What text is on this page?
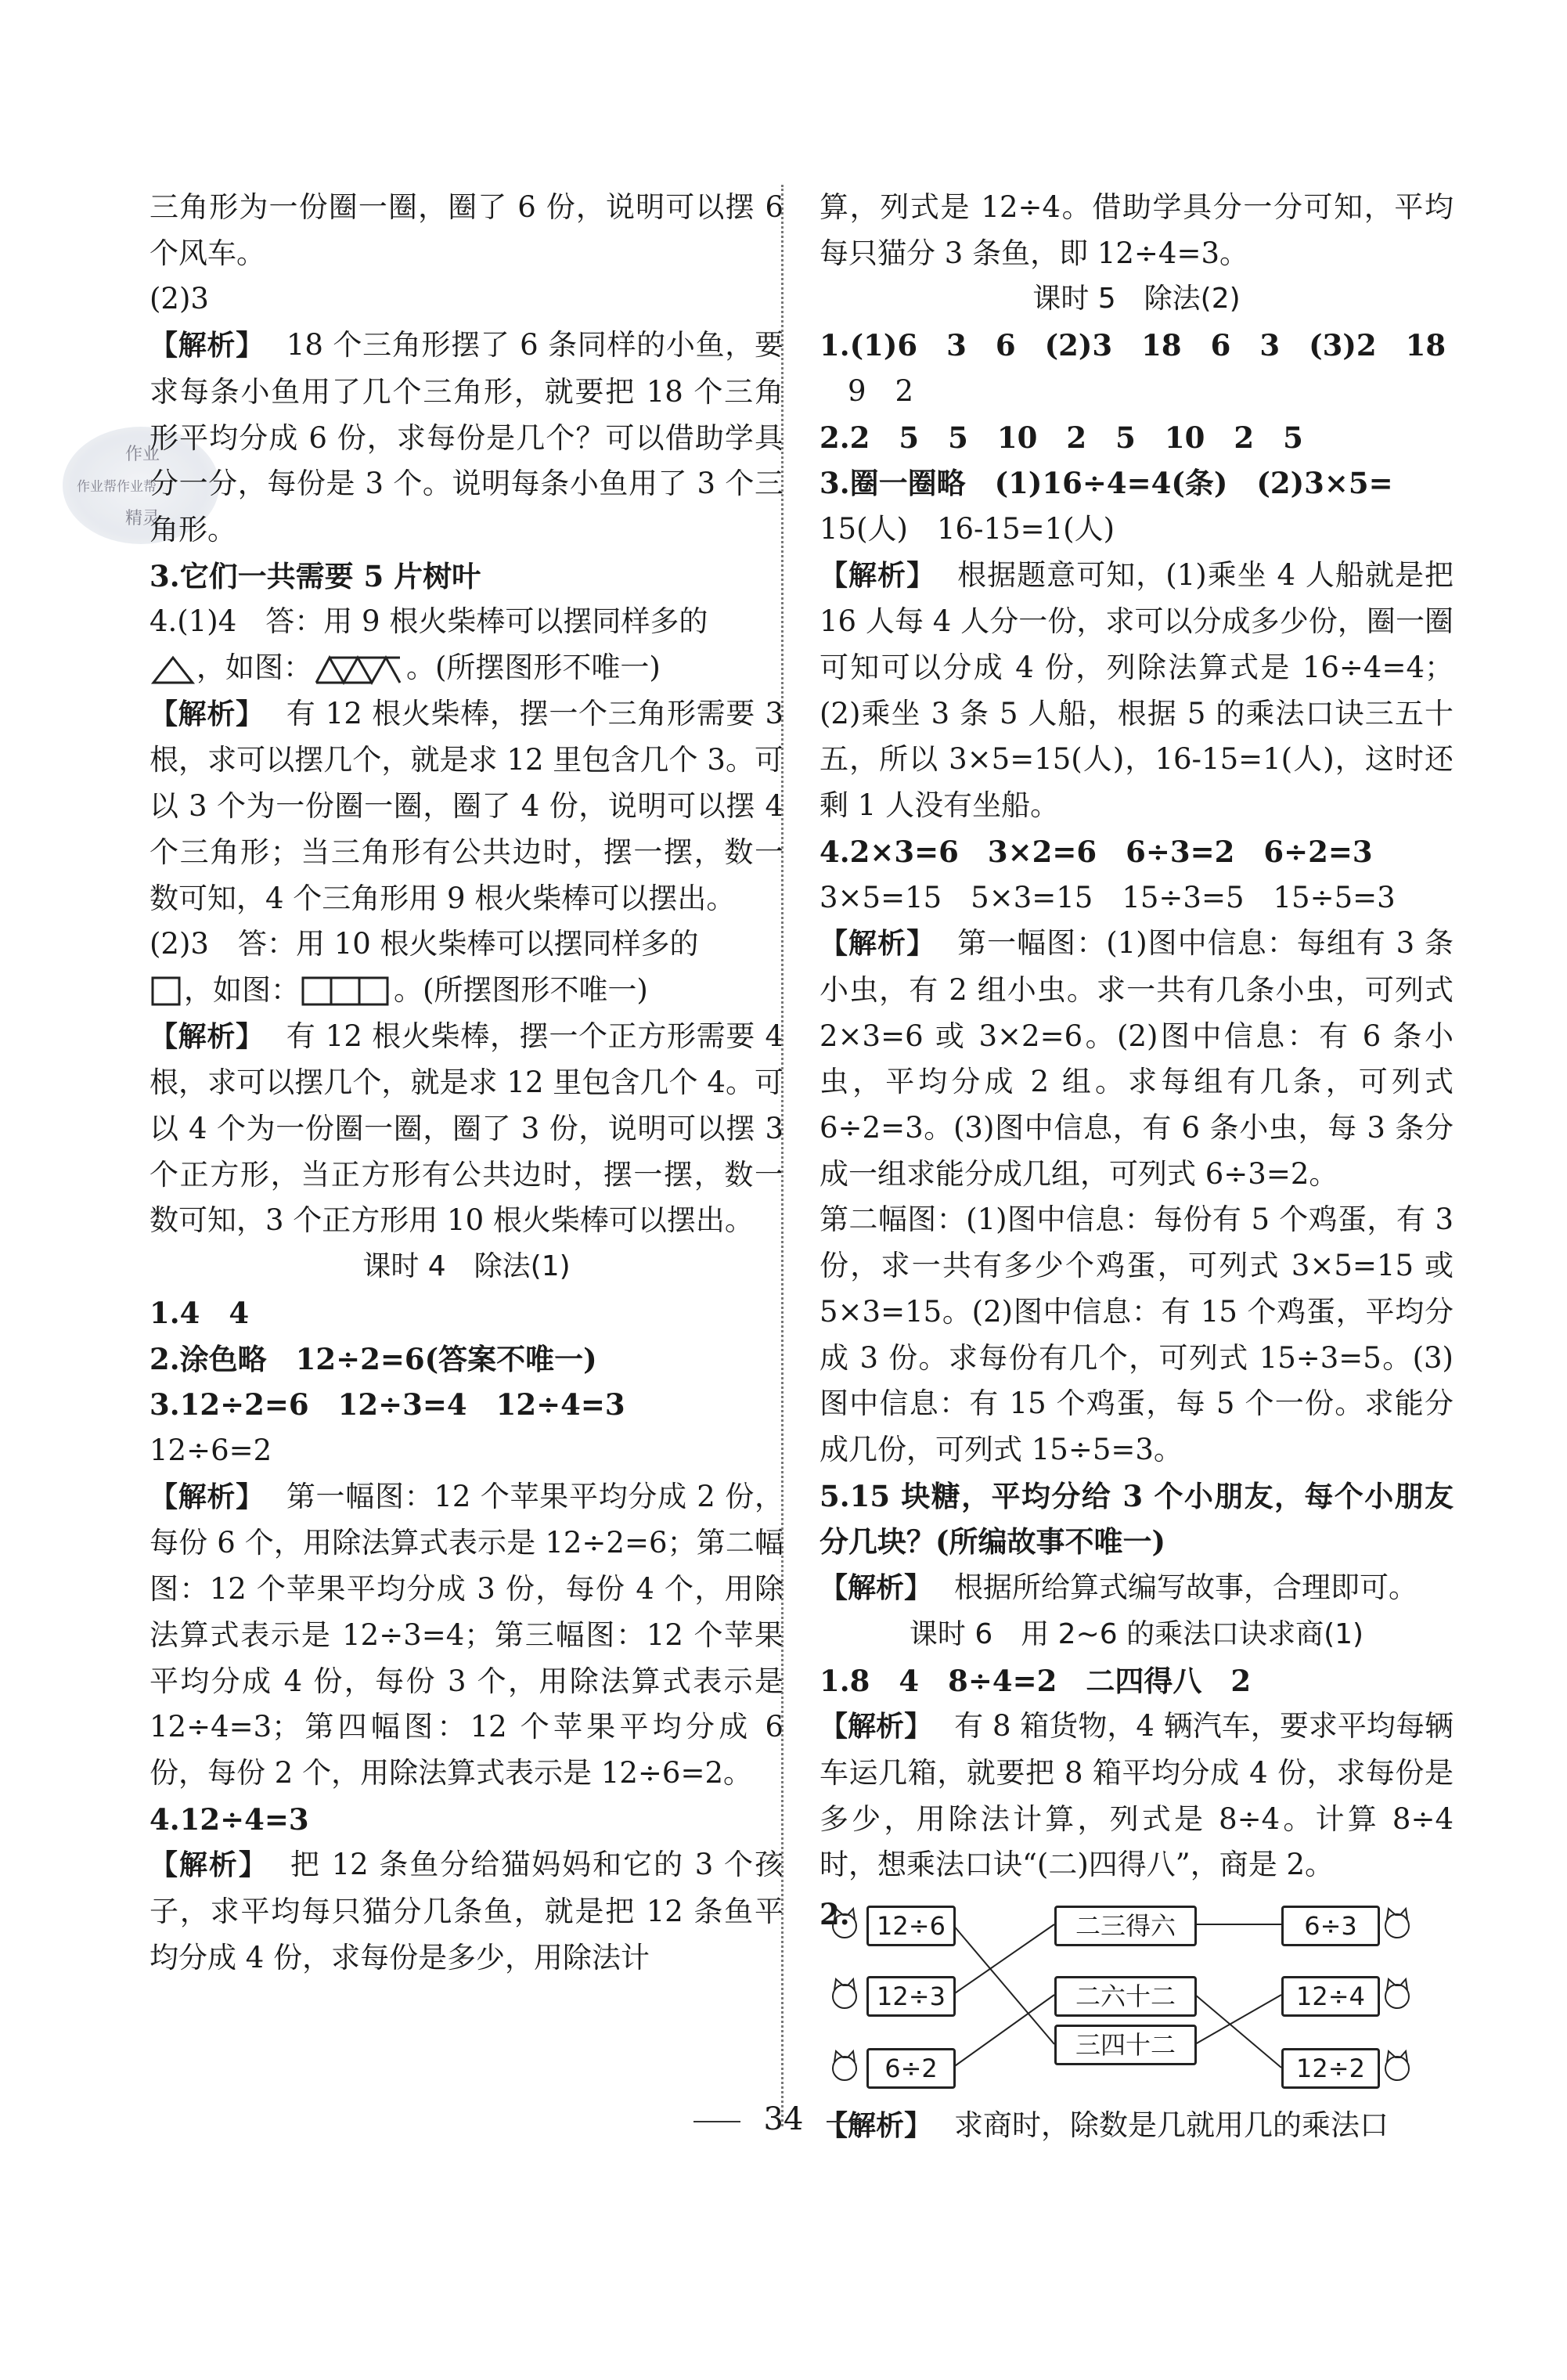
作业
作业帮作业帮
精灵

三角形为一份圈一圈，圈了 6 份，说明可以摆 6 个风车。

(2)3

【解析】 18 个三角形摆了 6 条同样的小鱼，要求每条小鱼用了几个三角形，就要把 18 个三角形平均分成 6 份，求每份是几个？可以借助学具分一分，每份是 3 个。说明每条小鱼用了 3 个三角形。

3.它们一共需要 5 片树叶

4.(1)4　答：用 9 根火柴棒可以摆同样多的
，如图：	。(所摆图形不唯一)

【解析】 有 12 根火柴棒，摆一个三角形需要 3 根，求可以摆几个，就是求 12 里包含几个 3。可以 3 个为一份圈一圈，圈了 4 份，说明可以摆 4 个三角形；当三角形有公共边时，摆一摆，数一数可知，4 个三角形用 9 根火柴棒可以摆出。

(2)3　答：用 10 根火柴棒可以摆同样多的
，如图：	。(所摆图形不唯一)

【解析】 有 12 根火柴棒，摆一个正方形需要 4 根，求可以摆几个，就是求 12 里包含几个 4。可以 4 个为一份圈一圈，圈了 3 份，说明可以摆 3 个正方形，当正方形有公共边时，摆一摆，数一数可知，3 个正方形用 10 根火柴棒可以摆出。

课时 4　除法(1)

1.4　4

2.涂色略　12÷2=6(答案不唯一)

3.12÷2=6　12÷3=4　12÷4=3

12÷6=2

【解析】 第一幅图：12 个苹果平均分成 2 份，每份 6 个，用除法算式表示是 12÷2=6；第二幅图：12 个苹果平均分成 3 份，每份 4 个，用除法算式表示是 12÷3=4；第三幅图：12 个苹果平均分成 4 份，每份 3 个，用除法算式表示是 12÷4=3；第四幅图：12 个苹果平均分成 6 份，每份 2 个，用除法算式表示是 12÷6=2。

4.12÷4=3

【解析】 把 12 条鱼分给猫妈妈和它的 3 个孩子，求平均每只猫分几条鱼，就是把 12 条鱼平均分成 4 份，求每份是多少，用除法计

算，列式是 12÷4。借助学具分一分可知，平均每只猫分 3 条鱼，即 12÷4=3。

课时 5　除法(2)

1.(1)6　3　6　(2)3　18　6　3　(3)2　18

9　2

2.2　5　5　10　2　5　10　2　5

3.圈一圈略　(1)16÷4=4(条)　(2)3×5=

15(人)　16-15=1(人)

【解析】 根据题意可知，(1)乘坐 4 人船就是把 16 人每 4 人分一份，求可以分成多少份，圈一圈可知可以分成 4 份，列除法算式是 16÷4=4；(2)乘坐 3 条 5 人船，根据 5 的乘法口诀三五十五，所以 3×5=15(人)，16-15=1(人)，这时还剩 1 人没有坐船。

4.2×3=6　3×2=6　6÷3=2　6÷2=3

3×5=15　5×3=15　15÷3=5　15÷5=3

【解析】 第一幅图：(1)图中信息：每组有 3 条小虫，有 2 组小虫。求一共有几条小虫，可列式 2×3=6 或 3×2=6。(2)图中信息：有 6 条小虫，平均分成 2 组。求每组有几条，可列式 6÷2=3。(3)图中信息，有 6 条小虫，每 3 条分成一组求能分成几组，可列式 6÷3=2。

第二幅图：(1)图中信息：每份有 5 个鸡蛋，有 3 份，求一共有多少个鸡蛋，可列式 3×5=15 或 5×3=15。(2)图中信息：有 15 个鸡蛋，平均分成 3 份。求每份有几个，可列式 15÷3=5。(3)图中信息：有 15 个鸡蛋，每 5 个一份。求能分成几份，可列式 15÷5=3。

5.15 块糖，平均分给 3 个小朋友，每个小朋友分几块？(所编故事不唯一)

【解析】 根据所给算式编写故事，合理即可。

课时 6　用 2~6 的乘法口诀求商(1)

1.8　4　8÷4=2　二四得八　2

【解析】 有 8 箱货物，4 辆汽车，要求平均每辆车运几箱，就要把 8 箱平均分成 4 份，求每份是多少，用除法计算，列式是 8÷4。计算 8÷4 时，想乘法口诀“(二)四得八”，商是 2。

2.	12÷6
12÷3
6÷2
二三得六
二六十二
三四十二
6÷3
12÷4
12÷2

【解析】 求商时，除数是几就用几的乘法口

34
